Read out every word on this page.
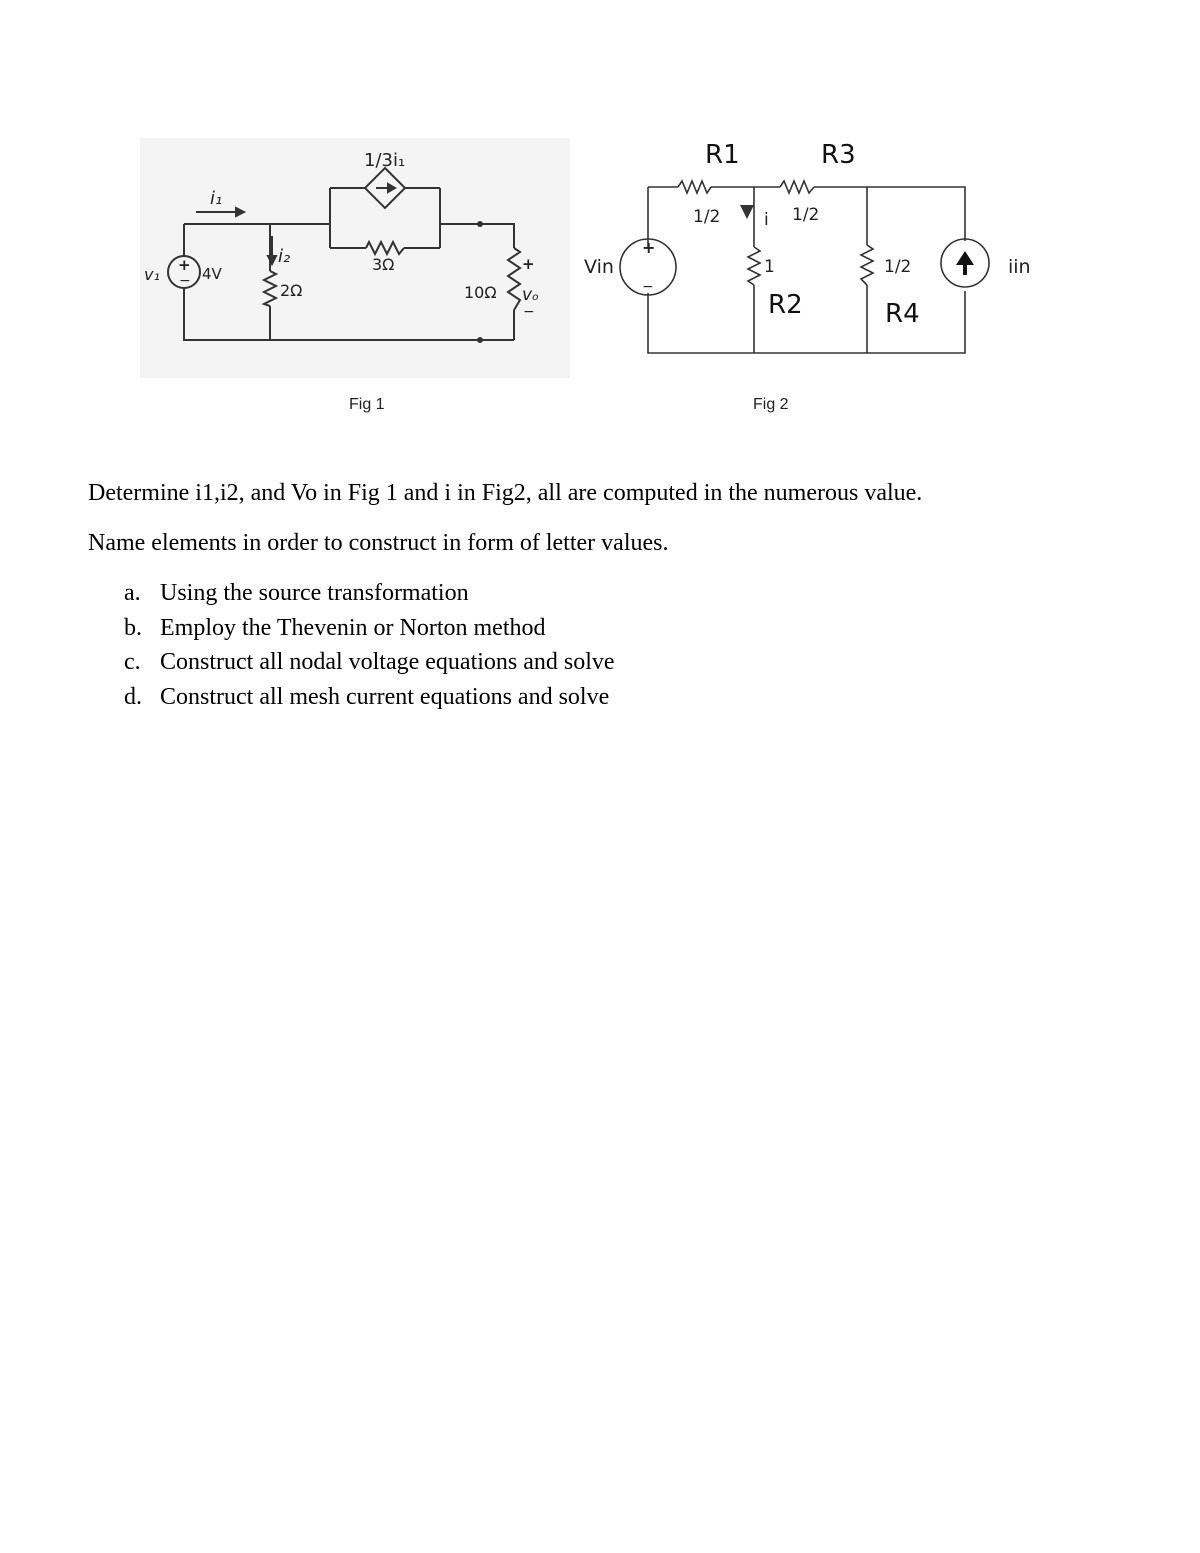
1/3i₁
i₁
i₂
v₁ +
− 4V
2Ω
3Ω
10Ω
+
vₒ
−
R1	R3
1/2	1/2
i
1
R2
1/2
R4
Vin
+
−
iin
Fig 1	Fig 2
Determine i1,i2, and Vo in Fig 1 and i in Fig2, all are computed in the numerous value.
Name elements in order to construct in form of letter values.
a. Using the source transformation
b. Employ the Thevenin or Norton method
c. Construct all nodal voltage equations and solve
d. Construct all mesh current equations and solve
